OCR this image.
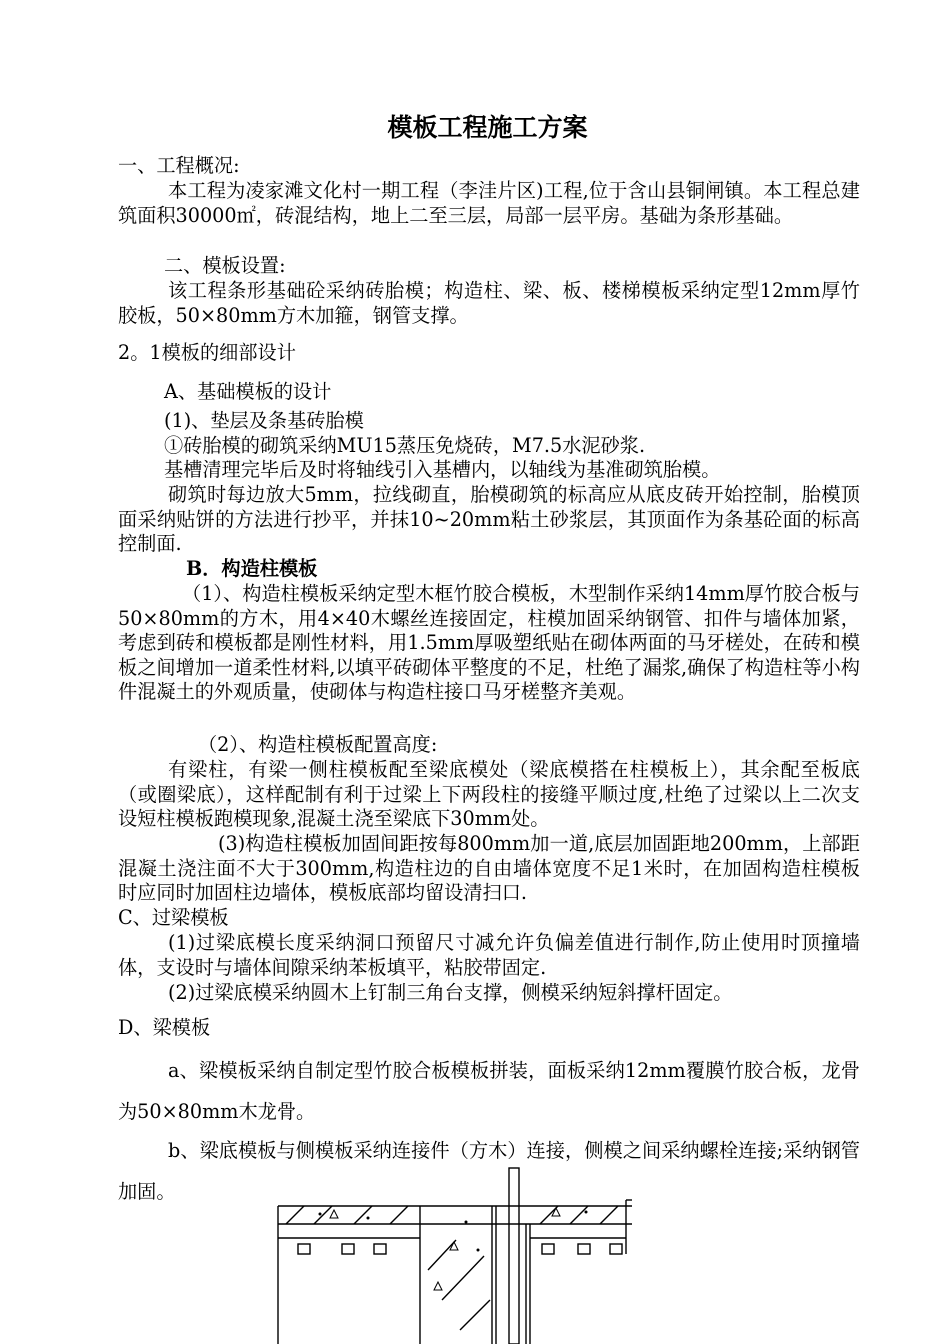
模板工程施工方案
一、工程概况:
本工程为凌家滩文化村一期工程（李洼片区)工程,位于含山县铜闸镇。本工程总建筑面积30000㎡，砖混结构，地上二至三层，局部一层平房。基础为条形基础。
二、模板设置:
该工程条形基础砼采纳砖胎模；构造柱、梁、板、楼梯模板采纳定型12mm厚竹胶板，50×80mm方木加箍，钢管支撑。
2。1模板的细部设计
A、基础模板的设计
(1)、垫层及条基砖胎模
①砖胎模的砌筑采纳MU15蒸压免烧砖，M7.5水泥砂浆.
基槽清理完毕后及时将轴线引入基槽内，以轴线为基准砌筑胎模。
砌筑时每边放大5mm，拉线砌直，胎模砌筑的标高应从底皮砖开始控制，胎模顶面采纳贴饼的方法进行抄平，并抹10~20mm粘土砂浆层，其顶面作为条基砼面的标高控制面.
B．构造柱模板
（1）、构造柱模板采纳定型木框竹胶合模板，木型制作采纳14mm厚竹胶合板与50×80mm的方木，用4×40木螺丝连接固定，柱模加固采纳钢管、扣件与墙体加紧，考虑到砖和模板都是刚性材料，用1.5mm厚吸塑纸贴在砌体两面的马牙槎处，在砖和模板之间增加一道柔性材料,以填平砖砌体平整度的不足，杜绝了漏浆,确保了构造柱等小构件混凝土的外观质量，使砌体与构造柱接口马牙槎整齐美观。
（2）、构造柱模板配置高度:
有梁柱，有梁一侧柱模板配至梁底模处（梁底模搭在柱模板上），其余配至板底（或圈梁底），这样配制有利于过梁上下两段柱的接缝平顺过度,杜绝了过梁以上二次支设短柱模板跑模现象,混凝土浇至梁底下30mm处。
(3)构造柱模板加固间距按每800mm加一道,底层加固距地200mm，上部距混凝土浇注面不大于300mm,构造柱边的自由墙体宽度不足1米时，在加固构造柱模板时应同时加固柱边墙体，模板底部均留设清扫口.
C、过梁模板
(1)过梁底模长度采纳洞口预留尺寸减允许负偏差值进行制作,防止使用时顶撞墙体，支设时与墙体间隙采纳苯板填平，粘胶带固定.
(2)过梁底模采纳圆木上钉制三角台支撑，侧模采纳短斜撑杆固定。
D、梁模板
a、梁模板采纳自制定型竹胶合板模板拼装，面板采纳12mm覆膜竹胶合板，龙骨为50×80mm木龙骨。
b、梁底模板与侧模板采纳连接件（方木）连接，侧模之间采纳螺栓连接;采纳钢管加固。
